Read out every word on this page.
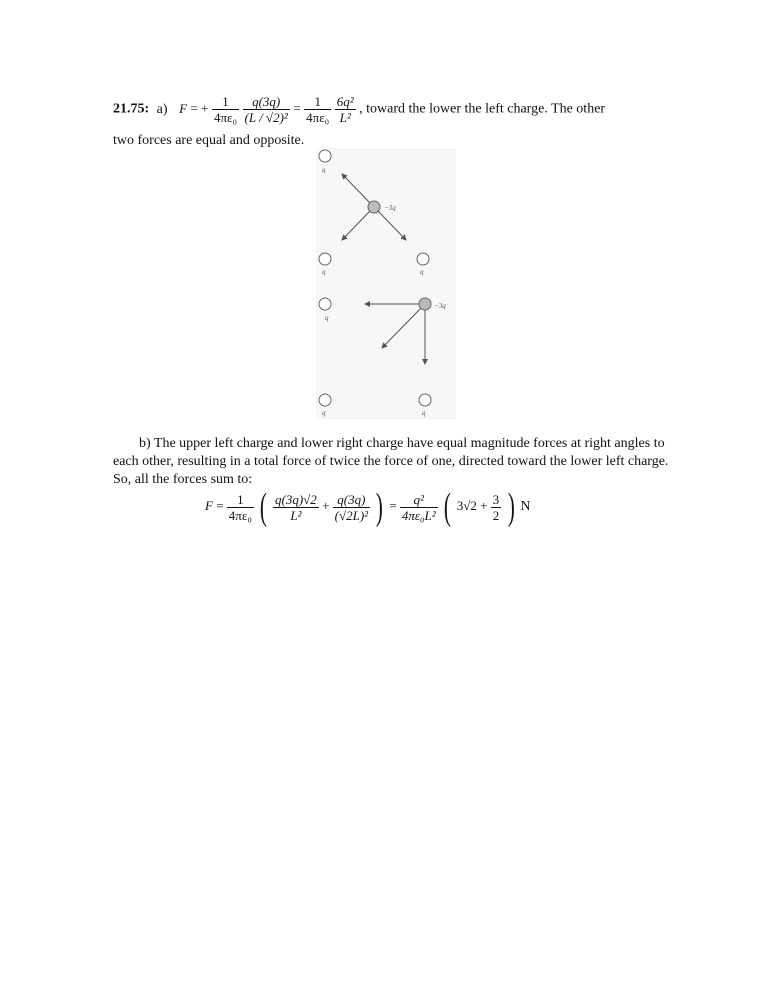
21.75: a) F = + $\frac{1}{\text{4πε₀}}$
$\frac{q(3q)}{\text{(L / √2)²}} = \frac{1}{\text{4πε₀}}$
$\frac{\text{6q²}}{\text{L²}}$ , toward the lower the left charge. The other
two forces are equal and opposite.
q
−3q
q	q
q
−3q
q	q
b) The upper left charge and lower right charge have equal magnitude forces at right angles to each other, resulting in a total force of twice the force of one, directed toward the lower left charge. So, all the forces sum to:
$F = \frac{1}{\text{4πε₀}}$ ( $\frac{q(3q)√2}{\text{L²}} + \frac{q(3q)}{\text{(√2L)²}}$ ) = $\frac{\text{q²}}{\text{4πε₀L²}}$ ( $3√2 + \frac{3}{2}$ ) N
